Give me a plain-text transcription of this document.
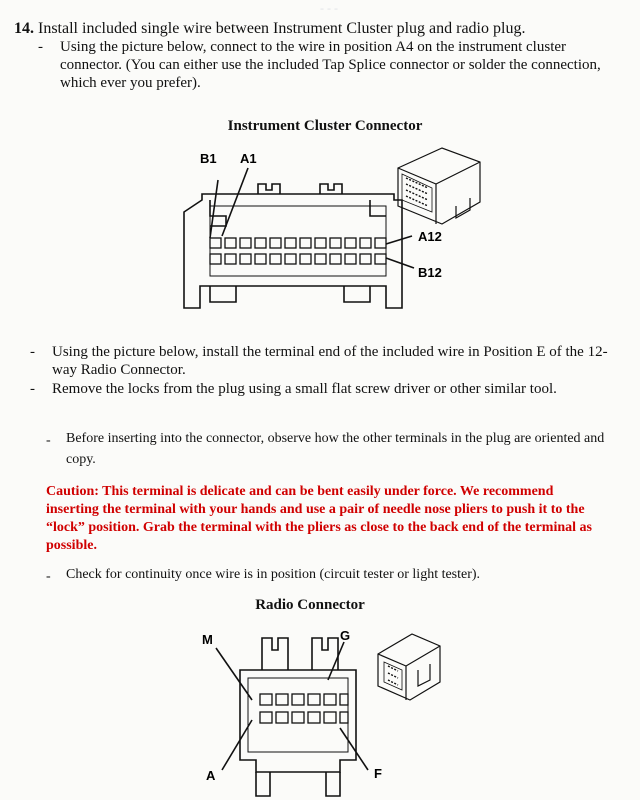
- - -
14. Install included single wire between Instrument Cluster plug and radio plug.
- Using the picture below, connect to the wire in position A4 on the instrument cluster connector. (You can either use the included Tap Splice connector or solder the connection, which ever you prefer).
Instrument Cluster Connector
B1 A1
A12
B12
- Using the picture below, install the terminal end of the included wire in Position E of the 12-way Radio Connector.
- Remove the locks from the plug using a small flat screw driver or other similar tool.
- Before inserting into the connector, observe how the other terminals in the plug are oriented and copy.
Caution: This terminal is delicate and can be bent easily under force. We recommend inserting the terminal with your hands and use a pair of needle nose pliers to push it to the “lock” position. Grab the terminal with the pliers as close to the back end of the terminal as possible.
- Check for continuity once wire is in position (circuit tester or light tester).
Radio Connector
M	G
A	F
